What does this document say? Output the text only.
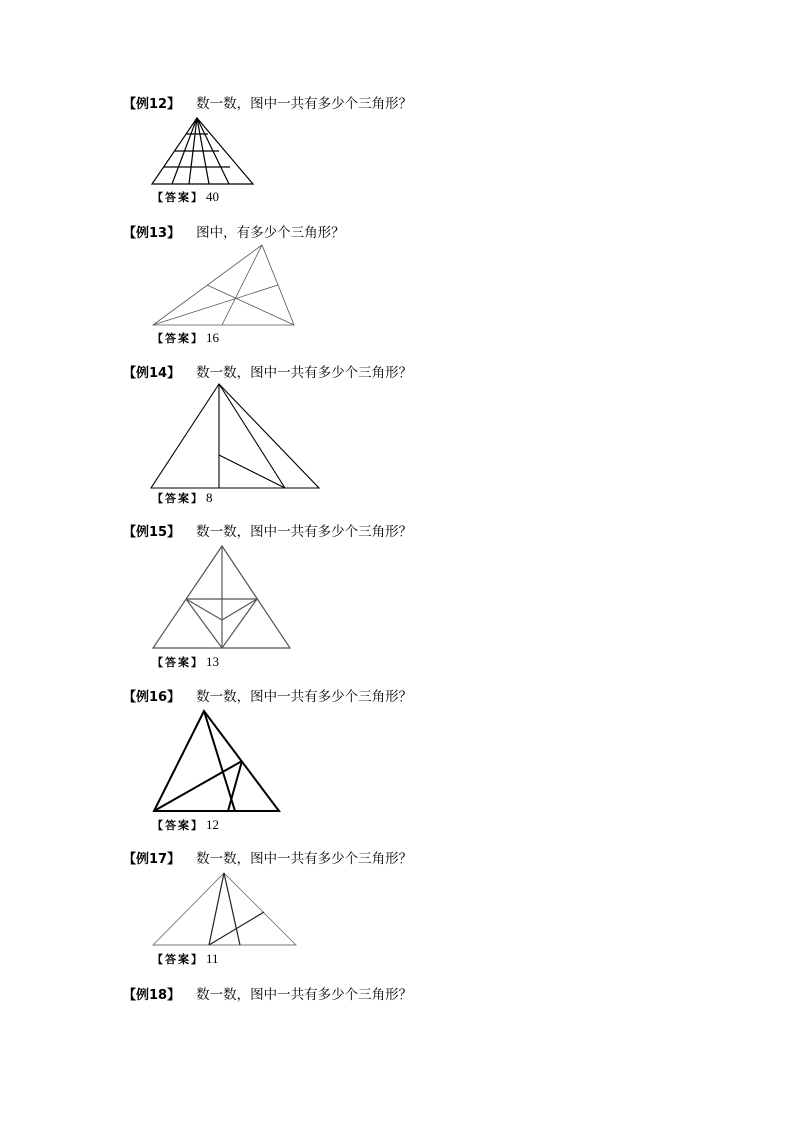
【例12】 数一数，图中一共有多少个三角形？
【答案】 40
【例13】 图中，有多少个三角形？
【答案】 16
【例14】 数一数，图中一共有多少个三角形？
【答案】 8
【例15】 数一数，图中一共有多少个三角形？
【答案】 13
【例16】 数一数，图中一共有多少个三角形？
【答案】 12
【例17】 数一数，图中一共有多少个三角形？
【答案】 11
【例18】 数一数，图中一共有多少个三角形？
